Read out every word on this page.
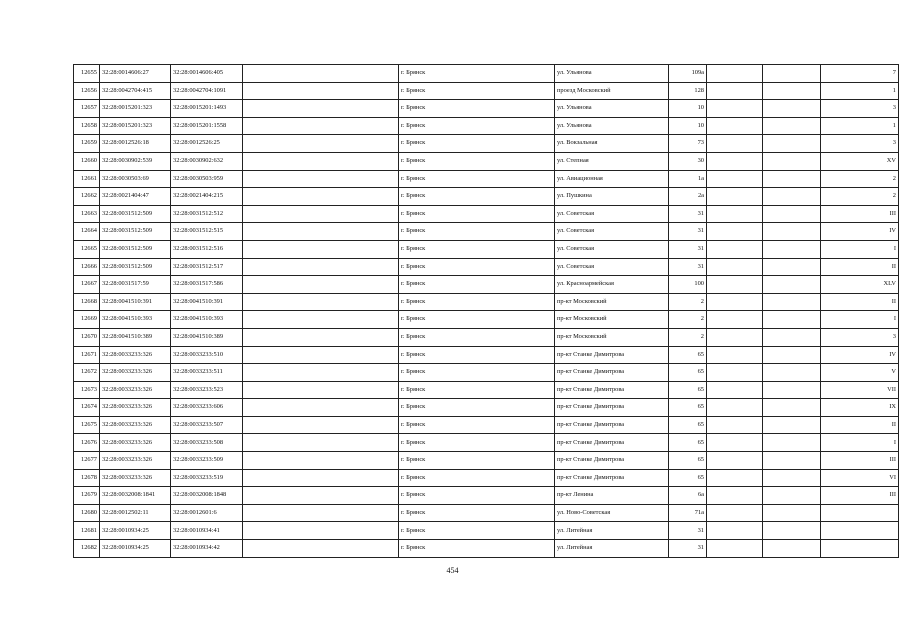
12655	32:28:0014606:27	32:28:0014606:405		г. Брянск	ул. Ульянова	109а			7
12656	32:28:0042704:415	32:28:0042704:1091		г. Брянск	проезд Московский	128			1
12657	32:28:0015201:323	32:28:0015201:1493		г. Брянск	ул. Ульянова	10			3
12658	32:28:0015201:323	32:28:0015201:1558		г. Брянск	ул. Ульянова	10			1
12659	32:28:0012526:18	32:28:0012526:25		г. Брянск	ул. Вокзальная	73			3
12660	32:28:0030902:539	32:28:0030902:632		г. Брянск	ул. Степная	30			XV
12661	32:28:0030503:69	32:28:0030503:959		г. Брянск	ул. Авиационная	1а			2
12662	32:28:0021404:47	32:28:0021404:215		г. Брянск	ул. Пушкина	2а			2
12663	32:28:0031512:509	32:28:0031512:512		г. Брянск	ул. Советская	31			III
12664	32:28:0031512:509	32:28:0031512:515		г. Брянск	ул. Советская	31			IV
12665	32:28:0031512:509	32:28:0031512:516		г. Брянск	ул. Советская	31			I
12666	32:28:0031512:509	32:28:0031512:517		г. Брянск	ул. Советская	31			II
12667	32:28:0031517:59	32:28:0031517:586		г. Брянск	ул. Красноармейская	100			XLV
12668	32:28:0041510:391	32:28:0041510:391		г. Брянск	пр-кт Московский	2			II
12669	32:28:0041510:393	32:28:0041510:393		г. Брянск	пр-кт Московский	2			I
12670	32:28:0041510:389	32:28:0041510:389		г. Брянск	пр-кт Московский	2			3
12671	32:28:0033233:326	32:28:0033233:510		г. Брянск	пр-кт Станке Димитрова	65			IV
12672	32:28:0033233:326	32:28:0033233:511		г. Брянск	пр-кт Станке Димитрова	65			V
12673	32:28:0033233:326	32:28:0033233:523		г. Брянск	пр-кт Станке Димитрова	65			VII
12674	32:28:0033233:326	32:28:0033233:606		г. Брянск	пр-кт Станке Димитрова	65			IX
12675	32:28:0033233:326	32:28:0033233:507		г. Брянск	пр-кт Станке Димитрова	65			II
12676	32:28:0033233:326	32:28:0033233:508		г. Брянск	пр-кт Станке Димитрова	65			I
12677	32:28:0033233:326	32:28:0033233:509		г. Брянск	пр-кт Станке Димитрова	65			III
12678	32:28:0033233:326	32:28:0033233:519		г. Брянск	пр-кт Станке Димитрова	65			VI
12679	32:28:0032008:1841	32:28:0032008:1848		г. Брянск	пр-кт Ленина	6а			III
12680	32:28:0012502:11	32:28:0012601:6		г. Брянск	ул. Ново-Советская	71а			
12681	32:28:0010934:25	32:28:0010934:41		г. Брянск	ул. Литейная	31			
12682	32:28:0010934:25	32:28:0010934:42		г. Брянск	ул. Литейная	31			
454
